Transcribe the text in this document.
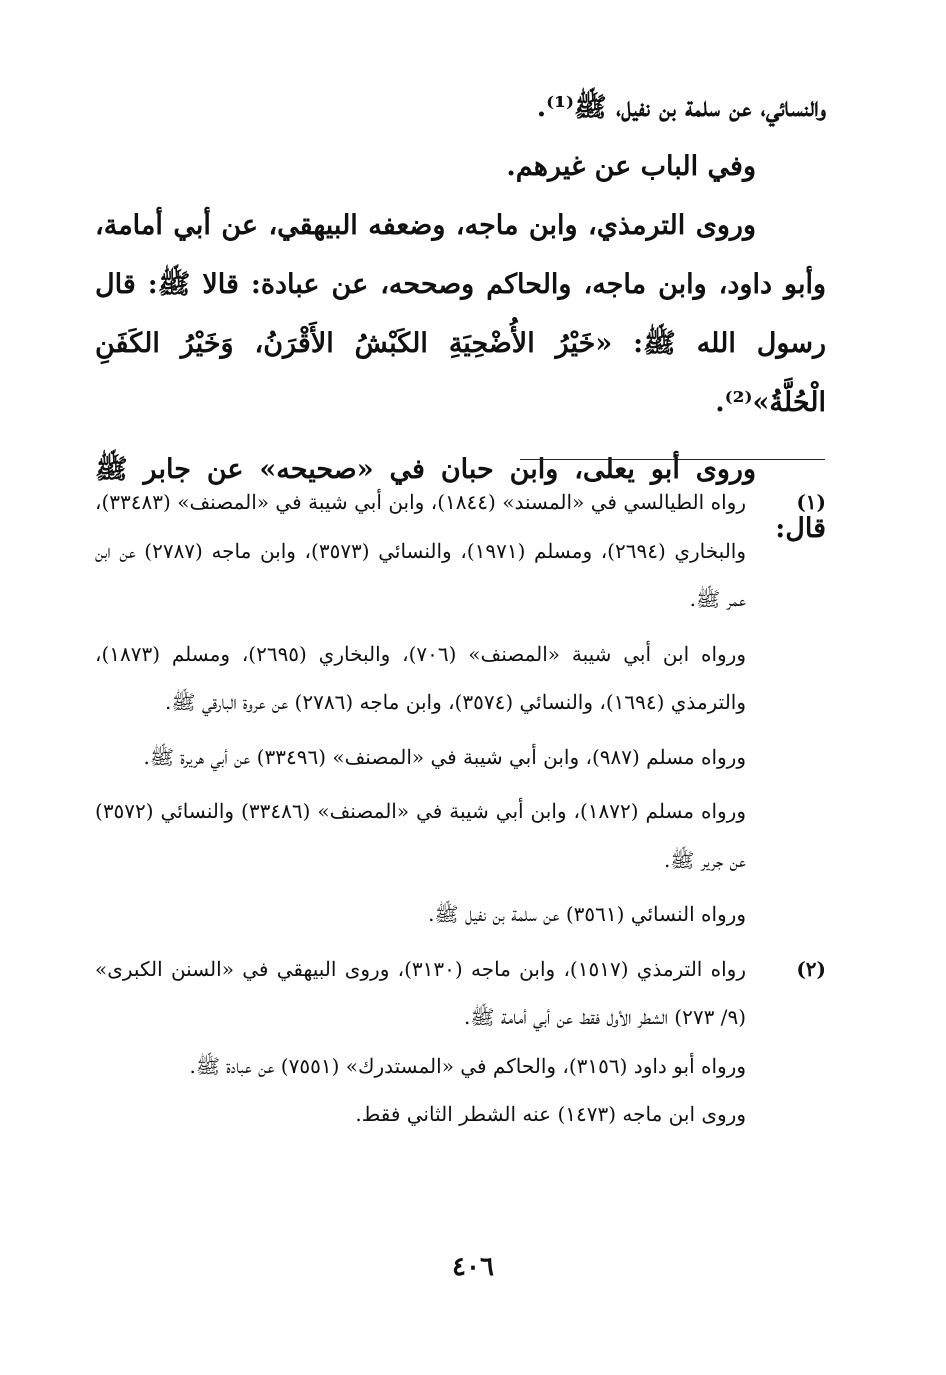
والنسائي، عن سلمة بن نفيل، ﷺ⁽¹⁾.

وفي الباب عن غيرهم.

وروى الترمذي، وابن ماجه، وضعفه البيهقي، عن أبي أمامة، وأبو داود، وابن ماجه، والحاكم وصححه، عن عبادة: قالا ﷺ: قال رسول الله ﷺ: «خَيْرُ الأُضْحِيَةِ الكَبْشُ الأَقْرَنُ، وَخَيْرُ الكَفَنِ الْحُلَّةُ»⁽²⁾.

وروى أبو يعلى، وابن حبان في «صحيحه» عن جابر ﷺ قال:

(١)

رواه الطيالسي في «المسند» (١٨٤٤)، وابن أبي شيبة في «المصنف» (٣٣٤٨٣)، والبخاري (٢٦٩٤)، ومسلم (١٩٧١)، والنسائي (٣٥٧٣)، وابن ماجه (٢٧٨٧) عن ابن عمر ﷺ.

ورواه ابن أبي شيبة «المصنف» (٧٠٦)، والبخاري (٢٦٩٥)، ومسلم (١٨٧٣)، والترمذي (١٦٩٤)، والنسائي (٣٥٧٤)، وابن ماجه (٢٧٨٦) عن عروة البارقي ﷺ.

ورواه مسلم (٩٨٧)، وابن أبي شيبة في «المصنف» (٣٣٤٩٦) عن أبي هريرة ﷺ.

ورواه مسلم (١٨٧٢)، وابن أبي شيبة في «المصنف» (٣٣٤٨٦) والنسائي (٣٥٧٢) عن جرير ﷺ.

ورواه النسائي (٣٥٦١) عن سلمة بن نفيل ﷺ.

(٢)

رواه الترمذي (١٥١٧)، وابن ماجه (٣١٣٠)، وروى البيهقي في «السنن الكبرى» (٩/ ٢٧٣) الشطر الأول فقط عن أبي أمامة ﷺ.

ورواه أبو داود (٣١٥٦)، والحاكم في «المستدرك» (٧٥٥١) عن عبادة ﷺ.

وروى ابن ماجه (١٤٧٣) عنه الشطر الثاني فقط.

٤٠٦
